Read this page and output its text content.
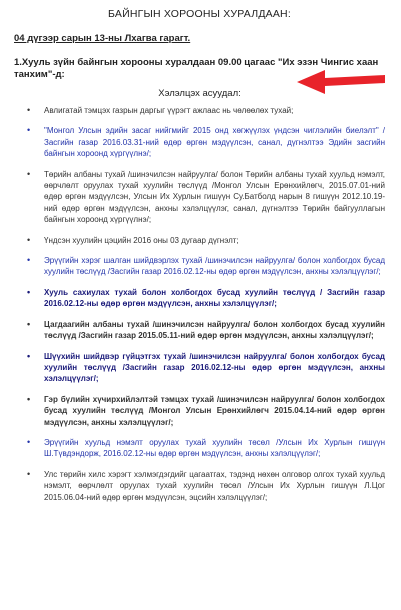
БАЙНГЫН ХОРООНЫ ХУРАЛДААН:
04 дүгээр сарын 13-ны Лхагва гарагт.
1.Хууль зүйн байнгын хорооны хуралдаан 09.00 цагаас "Их эзэн Чингис хаан танхим"-д:
Хэлэлцэх асуудал:
• Авлигатай тэмцэх газрын даргыг үүрэгт ажлаас нь чөлөөлөх тухай;
• "Монгол Улсын эдийн засаг нийгмийг 2015 онд хөгжүүлэх үндсэн чиглэлийн биелэлт" /Засгийн газар 2016.03.31-ний өдөр өргөн мэдүүлсэн, санал, дүгнэлтээ Эдийн засгийн байнгын хороонд хүргүүлнэ/;
• Төрийн албаны тухай /шинэчилсэн найруулга/ болон Төрийн албаны тухай хуульд нэмэлт, өөрчлөлт оруулах тухай хуулийн төслүүд /Монгол Улсын Ерөнхийлөгч, 2015.07.01-ний өдөр өргөн мэдүүлсэн, Улсын Их Хурлын гишүүн Су.Батболд нарын 8 гишүүн 2012.10.19-ний өдөр өргөн мэдүүлсэн, анхны хэлэлцүүлэг, санал, дүгнэлтээ Төрийн байгууллагын байнгын хороонд хүргүүлнэ/;
• Үндсэн хуулийн цэцийн 2016 оны 03 дугаар дүгнэлт;
• Эрүүгийн хэрэг шалган шийдвэрлэх тухай /шинэчилсэн найруулга/ болон холбогдох бусад хуулийн төслүүд /Засгийн газар 2016.02.12-ны өдөр өргөн мэдүүлсэн, анхны хэлэлцүүлэг/;
• Хууль сахиулах тухай болон холбогдох бусад хуулийн төслүүд / Засгийн газар 2016.02.12-ны өдөр өргөн мэдүүлсэн, анхны хэлэлцүүлэг/;
• Цагдаагийн албаны тухай /шинэчилсэн найруулга/ болон холбогдох бусад хуулийн төслүүд /Засгийн газар 2015.05.11-ний өдөр өргөн мэдүүлсэн, анхны хэлэлцүүлэг/;
• Шүүхийн шийдвэр гүйцэтгэх тухай /шинэчилсэн найруулга/ болон холбогдох бусад хуулийн төслүүд /Засгийн газар 2016.02.12-ны өдөр өргөн мэдүүлсэн, анхны хэлэлцүүлэг/;
• Гэр бүлийн хүчирхийлэлтэй тэмцэх тухай /шинэчилсэн найруулга/ болон холбогдох бусад хуулийн төслүүд /Монгол Улсын Ерөнхийлөгч 2015.04.14-ний өдөр өргөн мэдүүлсэн, анхны хэлэлцүүлэг/;
• Эрүүгийн хуульд нэмэлт оруулах тухай хуулийн төсөл /Улсын Их Хурлын гишүүн Ш.Түвдэндорж, 2016.02.12-ны өдөр өргөн мэдүүлсэн, анхны хэлэлцүүлэг/;
• Улс төрийн хилс хэрэгт хэлмэгдэгдийг цагаатгах, тэдэнд нөхөн олговор олгох тухай хуульд нэмэлт, өөрчлөлт оруулах тухай хуулийн төсөл /Улсын Их Хурлын гишүүн Л.Цог 2015.06.04-ний өдөр өргөн мэдүүлсэн, эцсийн хэлэлцүүлэг/;
